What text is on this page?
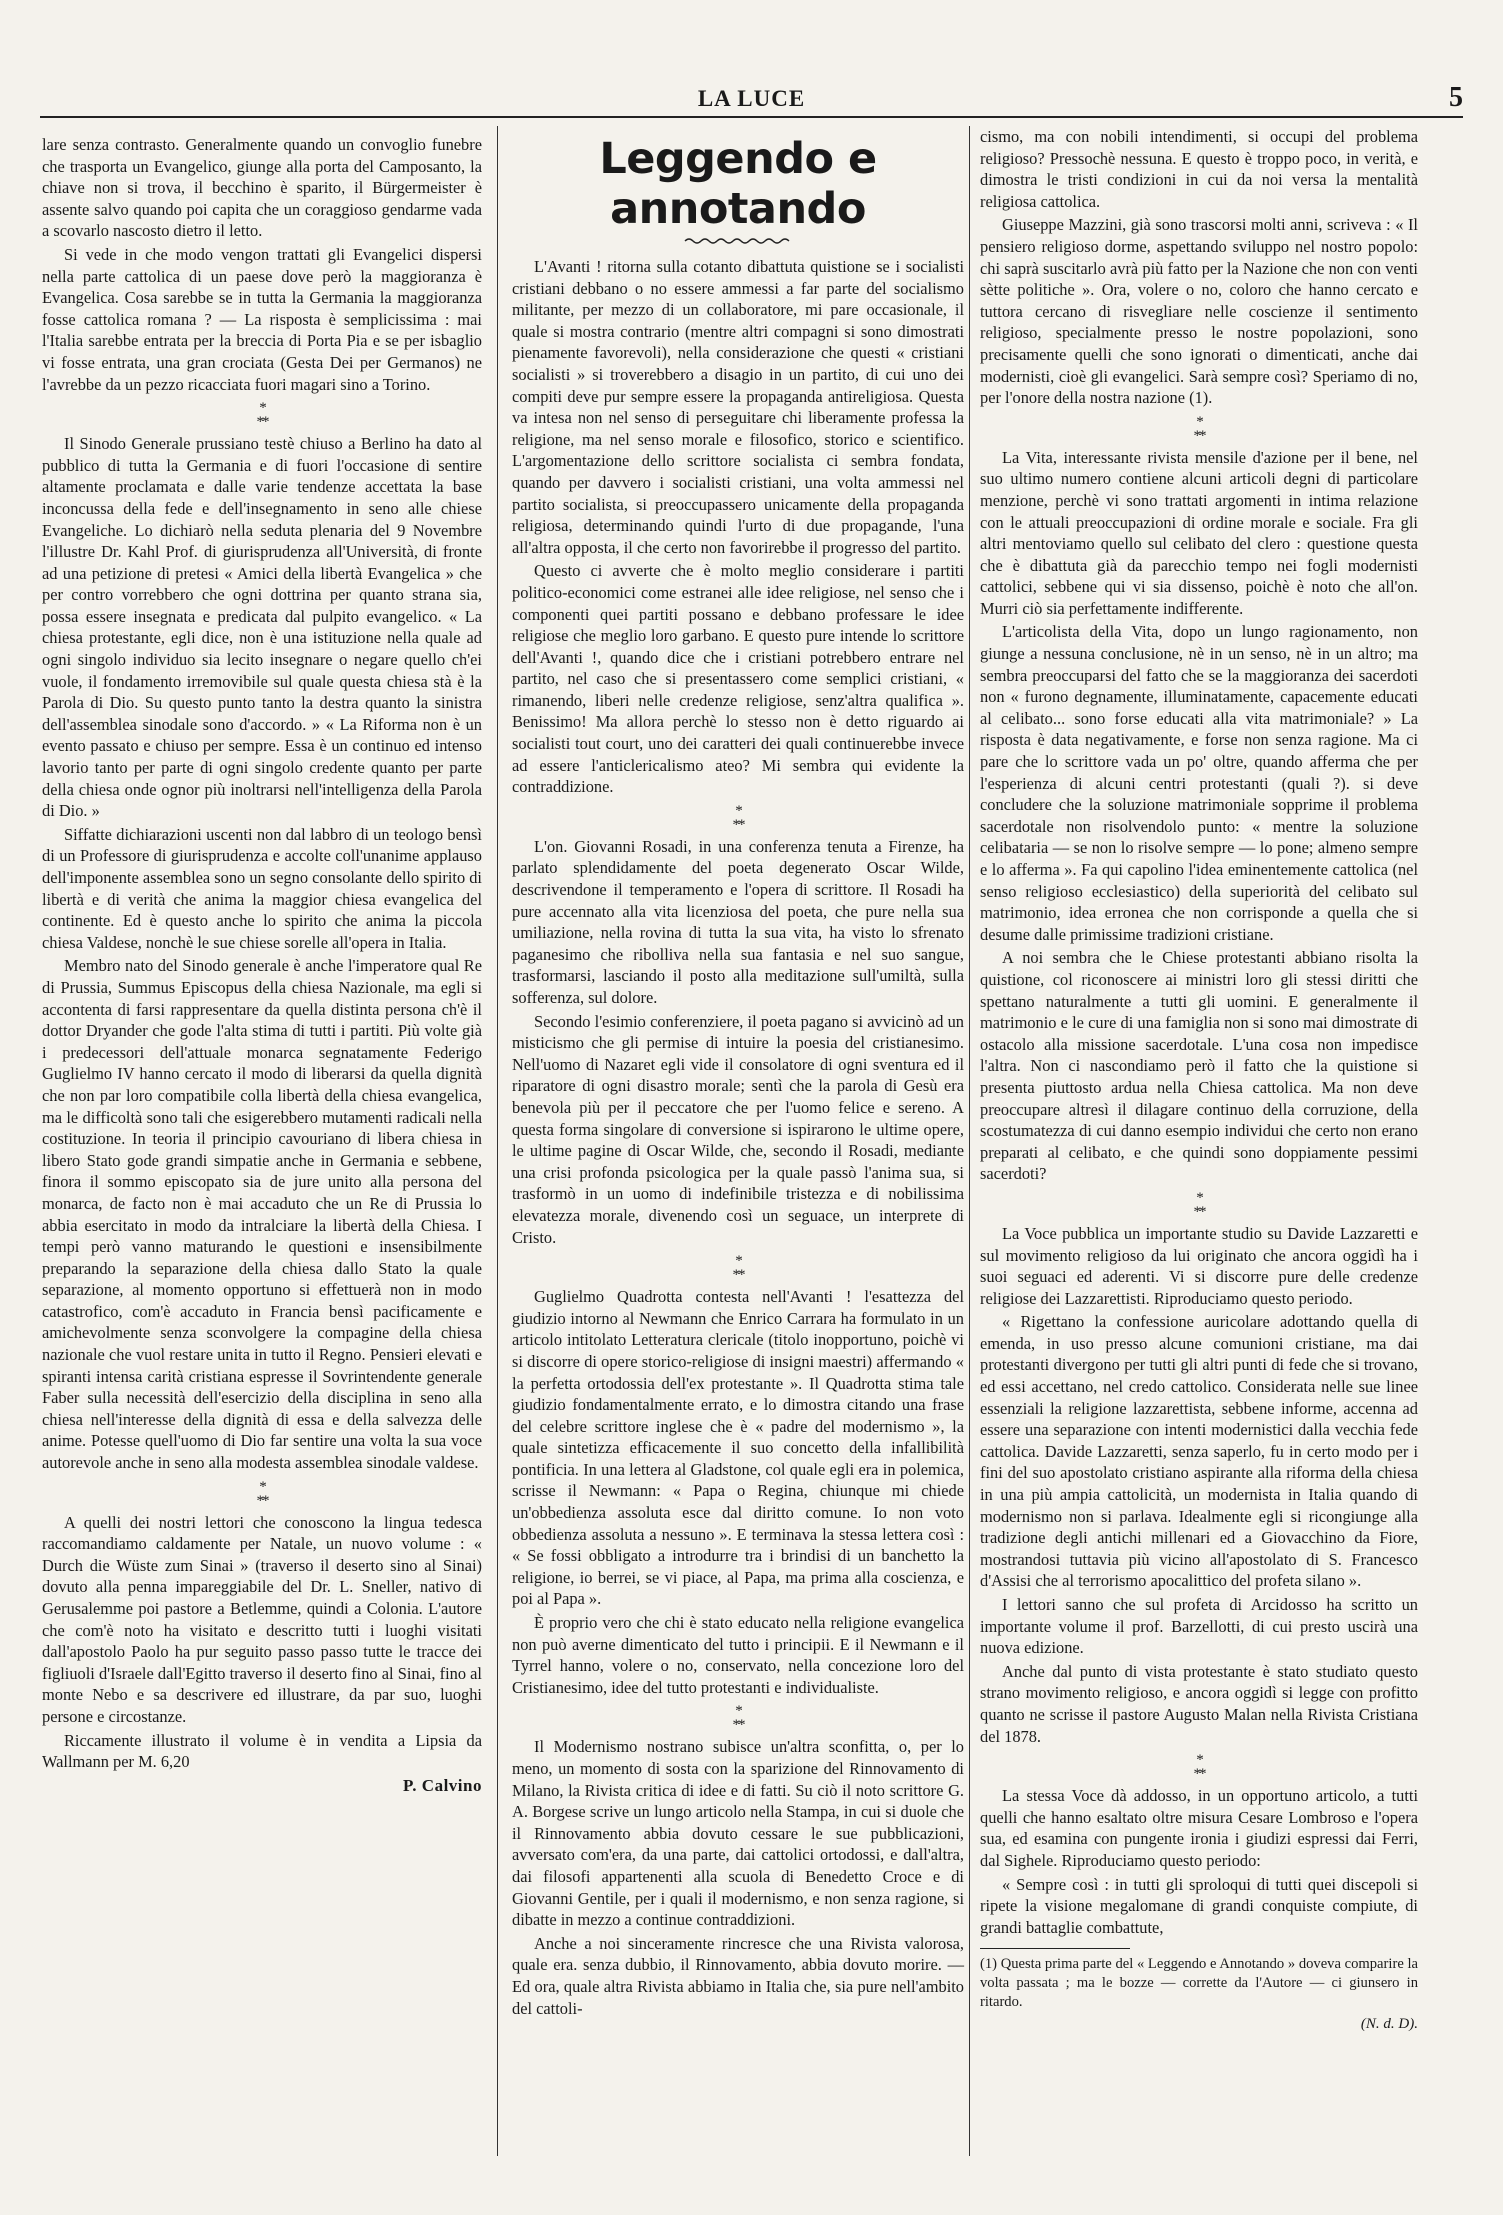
LA LUCE	5

lare senza contrasto. Generalmente quando un convoglio funebre che trasporta un Evangelico, giunge alla porta del Camposanto, la chiave non si trova, il becchino è sparito, il Bürgermeister è assente salvo quando poi capita che un coraggioso gendarme vada a scovarlo nascosto dietro il letto.

Si vede in che modo vengon trattati gli Evangelici dispersi nella parte cattolica di un paese dove però la maggioranza è Evangelica. Cosa sarebbe se in tutta la Germania la maggioranza fosse cattolica romana ? — La risposta è semplicissima : mai l'Italia sarebbe entrata per la breccia di Porta Pia e se per isbaglio vi fosse entrata, una gran crociata (Gesta Dei per Germanos) ne l'avrebbe da un pezzo ricacciata fuori magari sino a Torino.

*
**

Il Sinodo Generale prussiano testè chiuso a Berlino ha dato al pubblico di tutta la Germania e di fuori l'occasione di sentire altamente proclamata e dalle varie tendenze accettata la base inconcussa della fede e dell'insegnamento in seno alle chiese Evangeliche. Lo dichiarò nella seduta plenaria del 9 Novembre l'illustre Dr. Kahl Prof. di giurisprudenza all'Università, di fronte ad una petizione di pretesi « Amici della libertà Evangelica » che per contro vorrebbero che ogni dottrina per quanto strana sia, possa essere insegnata e predicata dal pulpito evangelico. « La chiesa protestante, egli dice, non è una istituzione nella quale ad ogni singolo individuo sia lecito insegnare o negare quello ch'ei vuole, il fondamento irremovibile sul quale questa chiesa stà è la Parola di Dio. Su questo punto tanto la destra quanto la sinistra dell'assemblea sinodale sono d'accordo. » « La Riforma non è un evento passato e chiuso per sempre. Essa è un continuo ed intenso lavorio tanto per parte di ogni singolo credente quanto per parte della chiesa onde ognor più inoltrarsi nell'intelligenza della Parola di Dio. »

Siffatte dichiarazioni uscenti non dal labbro di un teologo bensì di un Professore di giurisprudenza e accolte coll'unanime applauso dell'imponente assemblea sono un segno consolante dello spirito di libertà e di verità che anima la maggior chiesa evangelica del continente. Ed è questo anche lo spirito che anima la piccola chiesa Valdese, nonchè le sue chiese sorelle all'opera in Italia.

Membro nato del Sinodo generale è anche l'imperatore qual Re di Prussia, Summus Episcopus della chiesa Nazionale, ma egli si accontenta di farsi rappresentare da quella distinta persona ch'è il dottor Dryander che gode l'alta stima di tutti i partiti. Più volte già i predecessori dell'attuale monarca segnatamente Federigo Guglielmo IV hanno cercato il modo di liberarsi da quella dignità che non par loro compatibile colla libertà della chiesa evangelica, ma le difficoltà sono tali che esigerebbero mutamenti radicali nella costituzione. In teoria il principio cavouriano di libera chiesa in libero Stato gode grandi simpatie anche in Germania e sebbene, finora il sommo episcopato sia de jure unito alla persona del monarca, de facto non è mai accaduto che un Re di Prussia lo abbia esercitato in modo da intralciare la libertà della Chiesa. I tempi però vanno maturando le questioni e insensibilmente preparando la separazione della chiesa dallo Stato la quale separazione, al momento opportuno si effettuerà non in modo catastrofico, com'è accaduto in Francia bensì pacificamente e amichevolmente senza sconvolgere la compagine della chiesa nazionale che vuol restare unita in tutto il Regno. Pensieri elevati e spiranti intensa carità cristiana espresse il Sovrintendente generale Faber sulla necessità dell'esercizio della disciplina in seno alla chiesa nell'interesse della dignità di essa e della salvezza delle anime. Potesse quell'uomo di Dio far sentire una volta la sua voce autorevole anche in seno alla modesta assemblea sinodale valdese.

*
**

A quelli dei nostri lettori che conoscono la lingua tedesca raccomandiamo caldamente per Natale, un nuovo volume : « Durch die Wüste zum Sinai » (traverso il deserto sino al Sinai) dovuto alla penna impareggiabile del Dr. L. Sneller, nativo di Gerusalemme poi pastore a Betlemme, quindi a Colonia. L'autore che com'è noto ha visitato e descritto tutti i luoghi visitati dall'apostolo Paolo ha pur seguito passo passo tutte le tracce dei figliuoli d'Israele dall'Egitto traverso il deserto fino al Sinai, fino al monte Nebo e sa descrivere ed illustrare, da par suo, luoghi persone e circostanze.

Riccamente illustrato il volume è in vendita a Lipsia da Wallmann per M. 6,20

P. Calvino

Leggendo e annotando

L'Avanti ! ritorna sulla cotanto dibattuta quistione se i socialisti cristiani debbano o no essere ammessi a far parte del socialismo militante, per mezzo di un collaboratore, mi pare occasionale, il quale si mostra contrario (mentre altri compagni si sono dimostrati pienamente favorevoli), nella considerazione che questi « cristiani socialisti » si troverebbero a disagio in un partito, di cui uno dei compiti deve pur sempre essere la propaganda antireligiosa. Questa va intesa non nel senso di perseguitare chi liberamente professa la religione, ma nel senso morale e filosofico, storico e scientifico. L'argomentazione dello scrittore socialista ci sembra fondata, quando per davvero i socialisti cristiani, una volta ammessi nel partito socialista, si preoccupassero unicamente della propaganda religiosa, determinando quindi l'urto di due propagande, l'una all'altra opposta, il che certo non favorirebbe il progresso del partito.

Questo ci avverte che è molto meglio considerare i partiti politico-economici come estranei alle idee religiose, nel senso che i componenti quei partiti possano e debbano professare le idee religiose che meglio loro garbano. E questo pure intende lo scrittore dell'Avanti !, quando dice che i cristiani potrebbero entrare nel partito, nel caso che si presentassero come semplici cristiani, « rimanendo, liberi nelle credenze religiose, senz'altra qualifica ». Benissimo! Ma allora perchè lo stesso non è detto riguardo ai socialisti tout court, uno dei caratteri dei quali continuerebbe invece ad essere l'anticlericalismo ateo? Mi sembra qui evidente la contraddizione.

*
**

L'on. Giovanni Rosadi, in una conferenza tenuta a Firenze, ha parlato splendidamente del poeta degenerato Oscar Wilde, descrivendone il temperamento e l'opera di scrittore. Il Rosadi ha pure accennato alla vita licenziosa del poeta, che pure nella sua umiliazione, nella rovina di tutta la sua vita, ha visto lo sfrenato paganesimo che ribolliva nella sua fantasia e nel suo sangue, trasformarsi, lasciando il posto alla meditazione sull'umiltà, sulla sofferenza, sul dolore.

Secondo l'esimio conferenziere, il poeta pagano si avvicinò ad un misticismo che gli permise di intuire la poesia del cristianesimo. Nell'uomo di Nazaret egli vide il consolatore di ogni sventura ed il riparatore di ogni disastro morale; sentì che la parola di Gesù era benevola più per il peccatore che per l'uomo felice e sereno. A questa forma singolare di conversione si ispirarono le ultime opere, le ultime pagine di Oscar Wilde, che, secondo il Rosadi, mediante una crisi profonda psicologica per la quale passò l'anima sua, si trasformò in un uomo di indefinibile tristezza e di nobilissima elevatezza morale, divenendo così un seguace, un interprete di Cristo.

*
**

Guglielmo Quadrotta contesta nell'Avanti ! l'esattezza del giudizio intorno al Newmann che Enrico Carrara ha formulato in un articolo intitolato Letteratura clericale (titolo inopportuno, poichè vi si discorre di opere storico-religiose di insigni maestri) affermando « la perfetta ortodossia dell'ex protestante ». Il Quadrotta stima tale giudizio fondamentalmente errato, e lo dimostra citando una frase del celebre scrittore inglese che è « padre del modernismo », la quale sintetizza efficacemente il suo concetto della infallibilità pontificia. In una lettera al Gladstone, col quale egli era in polemica, scrisse il Newmann: « Papa o Regina, chiunque mi chiede un'obbedienza assoluta esce dal diritto comune. Io non voto obbedienza assoluta a nessuno ». E terminava la stessa lettera così : « Se fossi obbligato a introdurre tra i brindisi di un banchetto la religione, io berrei, se vi piace, al Papa, ma prima alla coscienza, e poi al Papa ».

È proprio vero che chi è stato educato nella religione evangelica non può averne dimenticato del tutto i principii. E il Newmann e il Tyrrel hanno, volere o no, conservato, nella concezione loro del Cristianesimo, idee del tutto protestanti e individualiste.

*
**

Il Modernismo nostrano subisce un'altra sconfitta, o, per lo meno, un momento di sosta con la sparizione del Rinnovamento di Milano, la Rivista critica di idee e di fatti. Su ciò il noto scrittore G. A. Borgese scrive un lungo articolo nella Stampa, in cui si duole che il Rinnovamento abbia dovuto cessare le sue pubblicazioni, avversato com'era, da una parte, dai cattolici ortodossi, e dall'altra, dai filosofi appartenenti alla scuola di Benedetto Croce e di Giovanni Gentile, per i quali il modernismo, e non senza ragione, si dibatte in mezzo a continue contraddizioni.

Anche a noi sinceramente rincresce che una Rivista valorosa, quale era. senza dubbio, il Rinnovamento, abbia dovuto morire. — Ed ora, quale altra Rivista abbiamo in Italia che, sia pure nell'ambito del cattoli-

cismo, ma con nobili intendimenti, si occupi del problema religioso? Pressochè nessuna. E questo è troppo poco, in verità, e dimostra le tristi condizioni in cui da noi versa la mentalità religiosa cattolica.

Giuseppe Mazzini, già sono trascorsi molti anni, scriveva : « Il pensiero religioso dorme, aspettando sviluppo nel nostro popolo: chi saprà suscitarlo avrà più fatto per la Nazione che non con venti sètte politiche ». Ora, volere o no, coloro che hanno cercato e tuttora cercano di risvegliare nelle coscienze il sentimento religioso, specialmente presso le nostre popolazioni, sono precisamente quelli che sono ignorati o dimenticati, anche dai modernisti, cioè gli evangelici. Sarà sempre così? Speriamo di no, per l'onore della nostra nazione (1).

*
**

La Vita, interessante rivista mensile d'azione per il bene, nel suo ultimo numero contiene alcuni articoli degni di particolare menzione, perchè vi sono trattati argomenti in intima relazione con le attuali preoccupazioni di ordine morale e sociale. Fra gli altri mentoviamo quello sul celibato del clero : questione questa che è dibattuta già da parecchio tempo nei fogli modernisti cattolici, sebbene qui vi sia dissenso, poichè è noto che all'on. Murri ciò sia perfettamente indifferente.

L'articolista della Vita, dopo un lungo ragionamento, non giunge a nessuna conclusione, nè in un senso, nè in un altro; ma sembra preoccuparsi del fatto che se la maggioranza dei sacerdoti non « furono degnamente, illuminatamente, capacemente educati al celibato... sono forse educati alla vita matrimoniale? » La risposta è data negativamente, e forse non senza ragione. Ma ci pare che lo scrittore vada un po' oltre, quando afferma che per l'esperienza di alcuni centri protestanti (quali ?). si deve concludere che la soluzione matrimoniale sopprime il problema sacerdotale non risolvendolo punto: « mentre la soluzione celibataria — se non lo risolve sempre — lo pone; almeno sempre e lo afferma ». Fa qui capolino l'idea eminentemente cattolica (nel senso religioso ecclesiastico) della superiorità del celibato sul matrimonio, idea erronea che non corrisponde a quella che si desume dalle primissime tradizioni cristiane.

A noi sembra che le Chiese protestanti abbiano risolta la quistione, col riconoscere ai ministri loro gli stessi diritti che spettano naturalmente a tutti gli uomini. E generalmente il matrimonio e le cure di una famiglia non si sono mai dimostrate di ostacolo alla missione sacerdotale. L'una cosa non impedisce l'altra. Non ci nascondiamo però il fatto che la quistione si presenta piuttosto ardua nella Chiesa cattolica. Ma non deve preoccupare altresì il dilagare continuo della corruzione, della scostumatezza di cui danno esempio individui che certo non erano preparati al celibato, e che quindi sono doppiamente pessimi sacerdoti?

*
**

La Voce pubblica un importante studio su Davide Lazzaretti e sul movimento religioso da lui originato che ancora oggidì ha i suoi seguaci ed aderenti. Vi si discorre pure delle credenze religiose dei Lazzarettisti. Riproduciamo questo periodo.

« Rigettano la confessione auricolare adottando quella di emenda, in uso presso alcune comunioni cristiane, ma dai protestanti divergono per tutti gli altri punti di fede che si trovano, ed essi accettano, nel credo cattolico. Considerata nelle sue linee essenziali la religione lazzarettista, sebbene informe, accenna ad essere una separazione con intenti modernistici dalla vecchia fede cattolica. Davide Lazzaretti, senza saperlo, fu in certo modo per i fini del suo apostolato cristiano aspirante alla riforma della chiesa in una più ampia cattolicità, un modernista in Italia quando di modernismo non si parlava. Idealmente egli si ricongiunge alla tradizione degli antichi millenari ed a Giovacchino da Fiore, mostrandosi tuttavia più vicino all'apostolato di S. Francesco d'Assisi che al terrorismo apocalittico del profeta silano ».

I lettori sanno che sul profeta di Arcidosso ha scritto un importante volume il prof. Barzellotti, di cui presto uscirà una nuova edizione.

Anche dal punto di vista protestante è stato studiato questo strano movimento religioso, e ancora oggidì si legge con profitto quanto ne scrisse il pastore Augusto Malan nella Rivista Cristiana del 1878.

*
**

La stessa Voce dà addosso, in un opportuno articolo, a tutti quelli che hanno esaltato oltre misura Cesare Lombroso e l'opera sua, ed esamina con pungente ironia i giudizi espressi dai Ferri, dal Sighele. Riproduciamo questo periodo:

« Sempre così : in tutti gli sproloqui di tutti quei discepoli si ripete la visione megalomane di grandi conquiste compiute, di grandi battaglie combattute,

(1) Questa prima parte del « Leggendo e Annotando » doveva comparire la volta passata ; ma le bozze — corrette da l'Autore — ci giunsero in ritardo.

(N. d. D).
